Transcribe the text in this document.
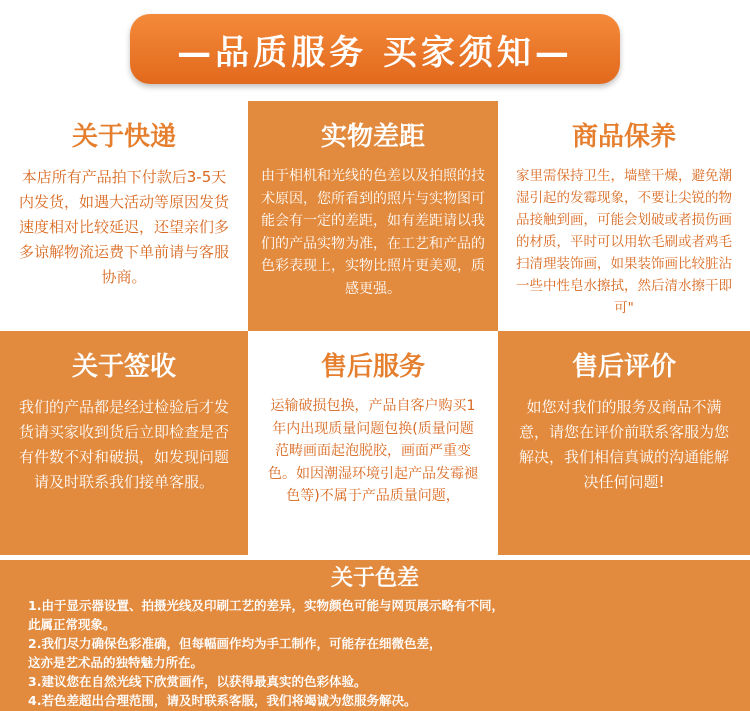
—品质服务 买家须知—
关于快递
本店所有产品拍下付款后3-5天内发货，如遇大活动等原因发货速度相对比较延迟，还望亲们多多谅解物流运费下单前请与客服协商。
实物差距
由于相机和光线的色差以及拍照的技术原因，您所看到的照片与实物图可能会有一定的差距，如有差距请以我们的产品实物为准，在工艺和产品的色彩表现上，实物比照片更美观，质感更强。
商品保养
家里需保持卫生，墙壁干燥，避免潮湿引起的发霉现象，不要让尖锐的物品接触到画，可能会划破或者损伤画的材质，平时可以用软毛刷或者鸡毛扫清理装饰画，如果装饰画比较脏沾一些中性皂水擦拭，然后清水擦干即可"
关于签收
我们的产品都是经过检验后才发货请买家收到货后立即检查是否有件数不对和破损，如发现问题请及时联系我们接单客服。
售后服务
运输破损包换，产品自客户购买1年内出现质量问题包换(质量问题范畴画面起泡脱胶，画面严重变色。如因潮湿环境引起产品发霉褪色等)不属于产品质量问题，
售后评价
如您对我们的服务及商品不满意，请您在评价前联系客服为您解决，我们相信真诚的沟通能解决任何问题!
关于色差
1.由于显示器设置、拍摄光线及印刷工艺的差异，实物颜色可能与网页展示略有不同，
此属正常现象。
2.我们尽力确保色彩准确，但每幅画作均为手工制作，可能存在细微色差，
这亦是艺术品的独特魅力所在。
3.建议您在自然光线下欣赏画作，以获得最真实的色彩体验。
4.若色差超出合理范围，请及时联系客服，我们将竭诚为您服务解决。
